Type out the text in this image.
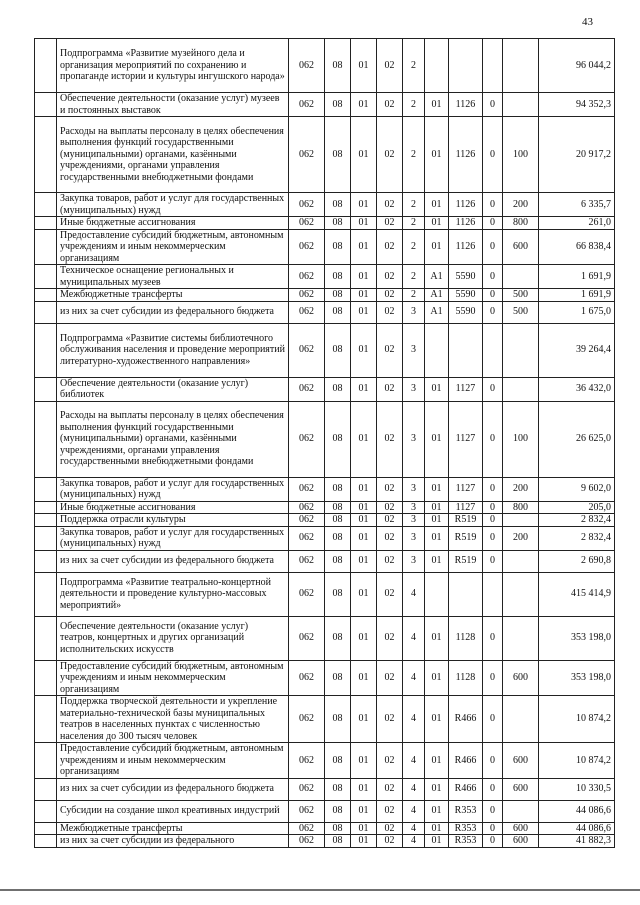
43
	Подпрограмма «Развитие музейного дела и организация мероприятий по сохранению и пропаганде истории и культуры ингушского народа»	062	08	01	02	2					96 044,2
	Обеспечение деятельности (оказание услуг) музеев и постоянных выставок	062	08	01	02	2	01	1126	0		94 352,3
	Расходы на выплаты персоналу в целях обеспечения выполнения функций государственными (муниципальными) органами, казёнными учреждениями, органами управления государственными внебюджетными фондами	062	08	01	02	2	01	1126	0	100	20 917,2
	Закупка товаров, работ и услуг для государственных (муниципальных) нужд	062	08	01	02	2	01	1126	0	200	6 335,7
	Иные бюджетные ассигнования	062	08	01	02	2	01	1126	0	800	261,0
	Предоставление субсидий бюджетным, автономным учреждениям и иным некоммерческим организациям	062	08	01	02	2	01	1126	0	600	66 838,4
	Техническое оснащение региональных и муниципальных музеев	062	08	01	02	2	A1	5590	0		1 691,9
	Межбюджетные трансферты	062	08	01	02	2	A1	5590	0	500	1 691,9
	из них за счет субсидии из федерального бюджета	062	08	01	02	3	A1	5590	0	500	1 675,0
	Подпрограмма «Развитие системы библиотечного обслуживания населения и проведение мероприятий литературно-художественного направления»	062	08	01	02	3					39 264,4
	Обеспечение деятельности (оказание услуг) библиотек	062	08	01	02	3	01	1127	0		36 432,0
	Расходы на выплаты персоналу в целях обеспечения выполнения функций государственными (муниципальными) органами, казёнными учреждениями, органами управления государственными внебюджетными фондами	062	08	01	02	3	01	1127	0	100	26 625,0
	Закупка товаров, работ и услуг для государственных (муниципальных) нужд	062	08	01	02	3	01	1127	0	200	9 602,0
	Иные бюджетные ассигнования	062	08	01	02	3	01	1127	0	800	205,0
	Поддержка отрасли культуры	062	08	01	02	3	01	R519	0		2 832,4
	Закупка товаров, работ и услуг для государственных (муниципальных) нужд	062	08	01	02	3	01	R519	0	200	2 832,4
	из них за счет субсидии из федерального бюджета	062	08	01	02	3	01	R519	0		2 690,8
	Подпрограмма «Развитие театрально-концертной деятельности и проведение культурно-массовых мероприятий»	062	08	01	02	4					415 414,9
	Обеспечение деятельности (оказание услуг) театров, концертных и других организаций исполнительских искусств	062	08	01	02	4	01	1128	0		353 198,0
	Предоставление субсидий бюджетным, автономным учреждениям и иным некоммерческим организациям	062	08	01	02	4	01	1128	0	600	353 198,0
	Поддержка творческой деятельности и укрепление материально-технической базы муниципальных театров в населенных пунктах с численностью населения до 300 тысяч человек	062	08	01	02	4	01	R466	0		10 874,2
	Предоставление субсидий бюджетным, автономным учреждениям и иным некоммерческим организациям	062	08	01	02	4	01	R466	0	600	10 874,2
	из них за счет субсидии из федерального бюджета	062	08	01	02	4	01	R466	0	600	10 330,5
	Субсидии на создание школ креативных индустрий	062	08	01	02	4	01	R353	0		44 086,6
	Межбюджетные трансферты	062	08	01	02	4	01	R353	0	600	44 086,6
	из них за счет субсидии из федерального	062	08	01	02	4	01	R353	0	600	41 882,3
